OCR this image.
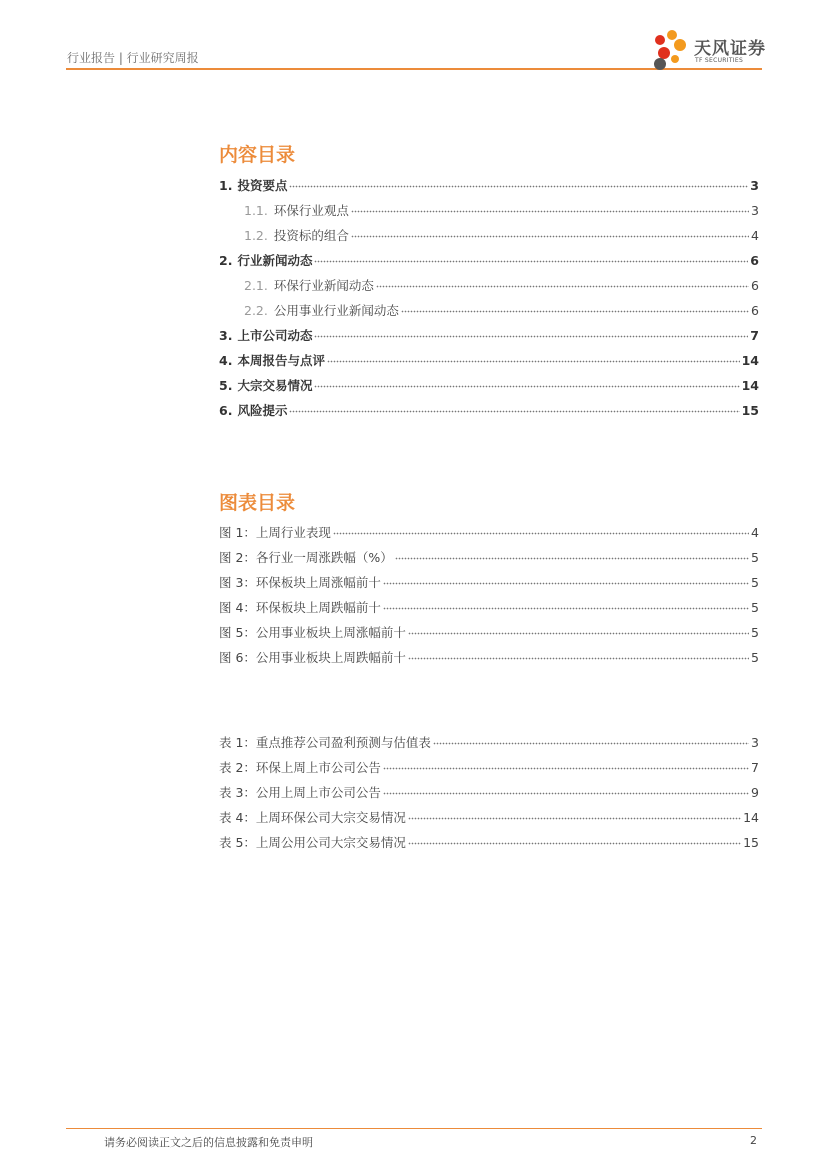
行业报告 | 行业研究周报	天风证券
TF SECURITIES
内容目录
1. 投资要点	3
1.1. 环保行业观点	3
1.2. 投资标的组合	4
2. 行业新闻动态	6
2.1. 环保行业新闻动态	6
2.2. 公用事业行业新闻动态	6
3. 上市公司动态	7
4. 本周报告与点评	14
5. 大宗交易情况	14
6. 风险提示	15
图表目录
图 1：上周行业表现	4
图 2：各行业一周涨跌幅（%）	5
图 3：环保板块上周涨幅前十	5
图 4：环保板块上周跌幅前十	5
图 5：公用事业板块上周涨幅前十	5
图 6：公用事业板块上周跌幅前十	5
表 1：重点推荐公司盈利预测与估值表	3
表 2：环保上周上市公司公告	7
表 3：公用上周上市公司公告	9
表 4：上周环保公司大宗交易情况	14
表 5：上周公用公司大宗交易情况	15
请务必阅读正文之后的信息披露和免责申明	2
